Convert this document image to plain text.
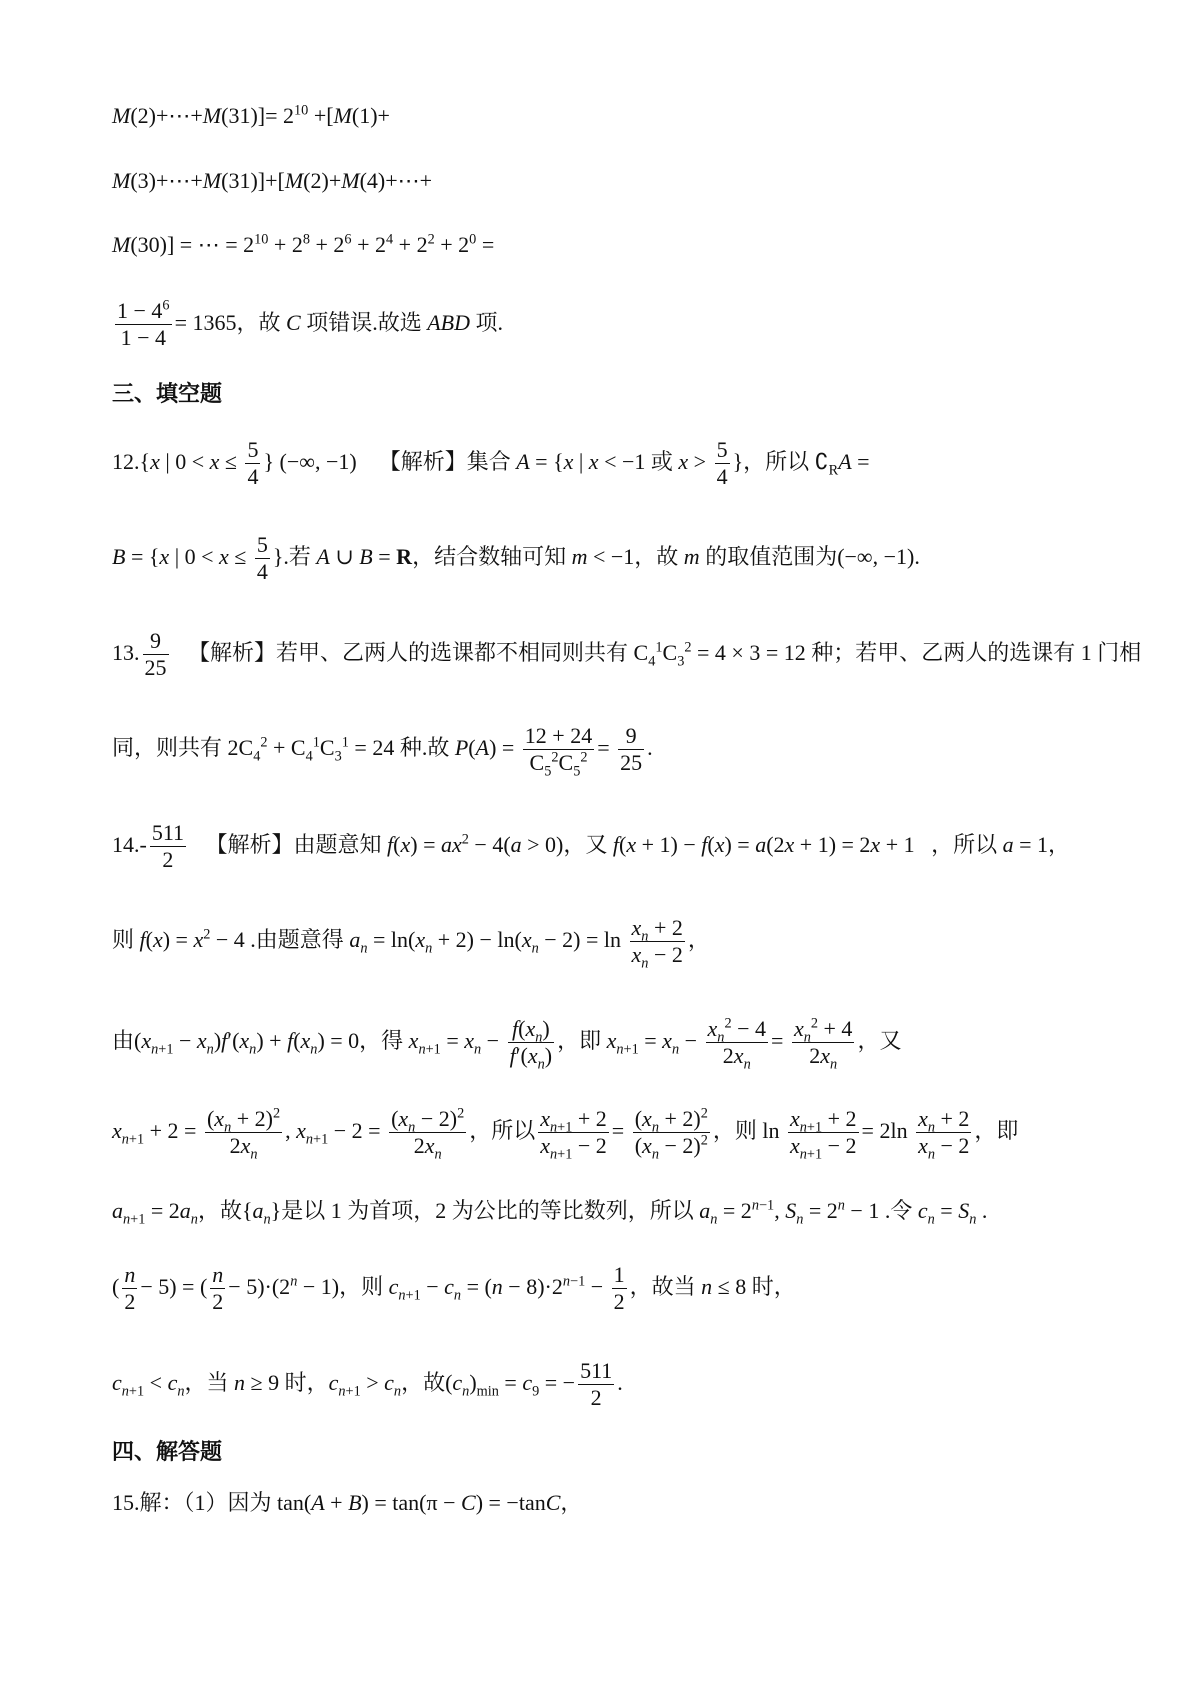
M(2)+⋯+M(31)]= $2^{10} +[M(1)+$
M(3)+⋯+M(31)]+[M(2)+M(4)+⋯+
M(30)] = ⋯ = $2^{10} + 2^8 + 2^6 + 2^4 + 2^2 + 2^0$ =
$\frac{1 - 4^6}{1 - 4} = 1365$，故 C 项错误.故选 ABD 项.
三、填空题
12.{x | $0 < x \le \frac{5}{4}$ } (−∞, −1)    【解析】集合 A = {x | x < −1 或 $x > \frac{5}{4}$ }，所以 $∁_RA$ =
B = {x | $0 < x \le \frac{5}{4}$ }.若 A ∪ B = R，结合数轴可知 m < −1，故 m 的取值范围为(−∞, −1).
13. $\frac{9}{25}$ 【解析】若甲、乙两人的选课都不相同则共有 $C_4^1C_3^2 = 4 \times 3 = 12$ 种；若甲、乙两人的选课有 1 门相
同，则共有 $2C_4^2 + C_4^1C_3^1 = 24$ 种.故 $P(A) = \frac{12 + 24}{C_5^2C_5^2} = \frac{9}{25}$ .
$14.- \frac{511}{2}$ 【解析】由题意知 $f(x) = ax^2 - 4(a > 0)$，又 f(x + 1) − f(x) = a(2x + 1) = 2x + 1   ，所以 a = 1，
则 $f(x) = x^2 - 4$ .由题意得 $a_n = \ln(x_n + 2) - \ln(x_n - 2) = \ln \frac{x_n + 2}{x_n - 2}$ ，
由$(x_{n+1} - x_n)f'(x_n) + f(x_n) = 0$，得 $x_{n+1} = x_n - \frac{f(x_n)}{f'(x_n)}$ ，即 $x_{n+1} = x_n - \frac{x_n^2 - 4}{2x_n} = \frac{x_n^2 + 4}{2x_n}$ ，又
$x_{n+1} + 2 = \frac{(x_n + 2)^2}{2x_n}$ , $x_{n+1} - 2 = \frac{(x_n - 2)^2}{2x_n}$ ，所以 $\frac{x_{n+1} + 2}{x_{n+1} - 2} = \frac{(x_n + 2)^2}{(x_n - 2)^2}$ ，则 $\ln \frac{x_{n+1} + 2}{x_{n+1} - 2} = 2\ln \frac{x_n + 2}{x_n - 2}$ ，即
$a_{n+1} = 2a_n$，故$\{a_n\}$是以 1 为首项，2 为公比的等比数列，所以 $a_n = 2^{n-1}$, $S_n = 2^n - 1$ .令 $c_n = S_n$ .
( $\frac{n}{2} - 5$) = ( $\frac{n}{2} - 5)\cdot(2^n - 1)$，则 $c_{n+1} - c_n = (n - 8)\cdot 2^{n-1} - \frac{1}{2}$ ，故当 n ≤ 8 时，
$c_{n+1} < c_n$，当 n ≥ 9 时，$c_{n+1} > c_n$，故$(c_n)_{min} = c_9$ = − $\frac{511}{2}$ .
四、解答题
15.解：（1）因为 tan(A + B) = tan(π − C) = −tanC，
